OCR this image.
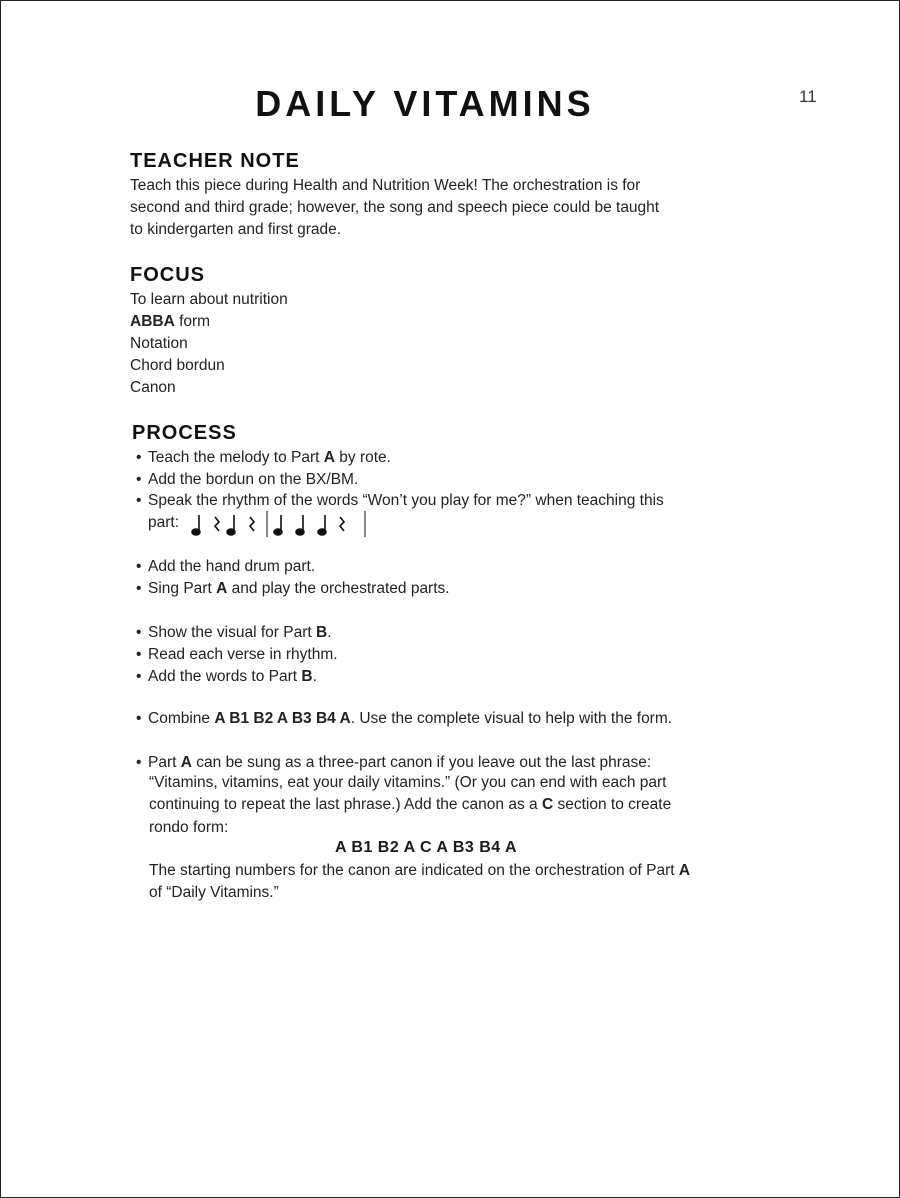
11
DAILY VITAMINS
TEACHER NOTE
Teach this piece during Health and Nutrition Week! The orchestration is for
second and third grade; however, the song and speech piece could be taught
to kindergarten and first grade.
FOCUS
To learn about nutrition
ABBA form
Notation
Chord bordun
Canon
PROCESS
• Teach the melody to Part A by rote.
• Add the bordun on the BX/BM.
• Speak the rhythm of the words “Won’t you play for me?” when teaching this
part:
• Add the hand drum part.
• Sing Part A and play the orchestrated parts.
• Show the visual for Part B.
• Read each verse in rhythm.
• Add the words to Part B.
• Combine A B1 B2 A B3 B4 A. Use the complete visual to help with the form.
• Part A can be sung as a three-part canon if you leave out the last phrase:
“Vitamins, vitamins, eat your daily vitamins.” (Or you can end with each part
continuing to repeat the last phrase.) Add the canon as a C section to create
rondo form:
A B1 B2 A C A B3 B4 A
The starting numbers for the canon are indicated on the orchestration of Part A
of “Daily Vitamins.”
